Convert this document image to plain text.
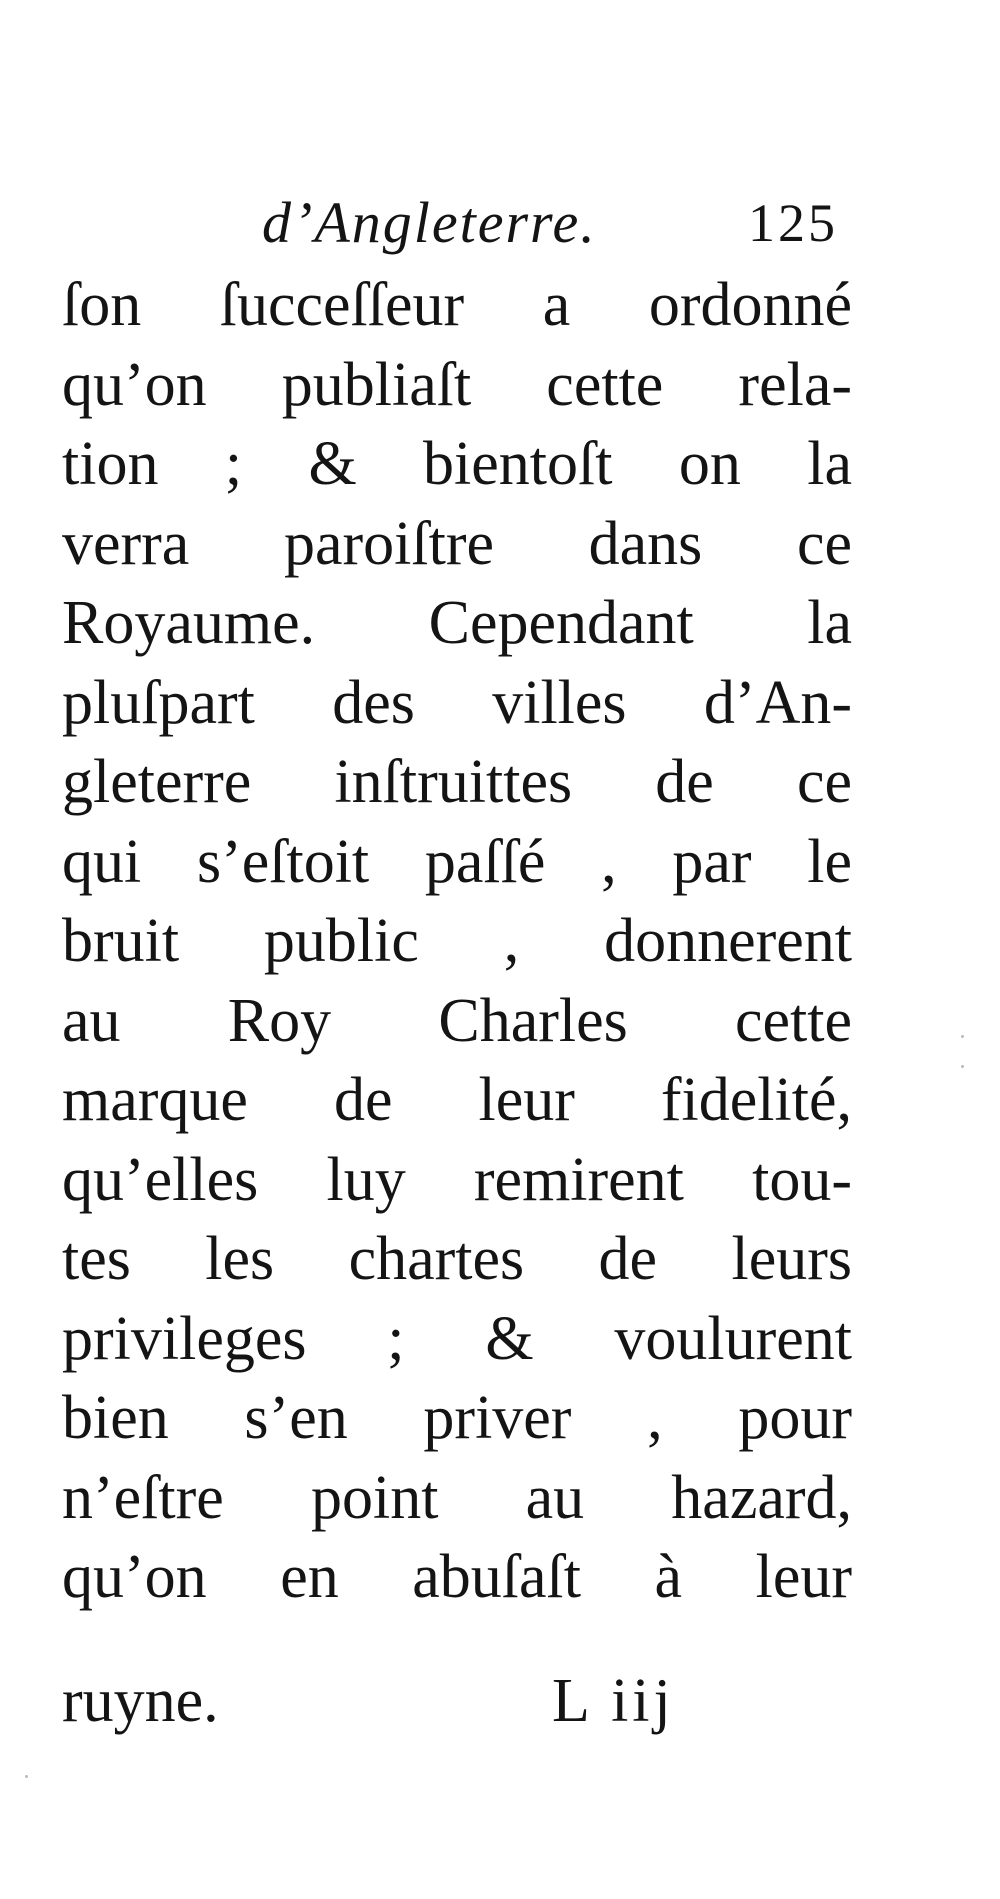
d’Angleterre.	125
ſon ſucceſſeur a ordonné
qu’on publiaſt cette rela-
tion ; & bientoſt on la
verra paroiſtre dans ce
Royaume. Cependant la
pluſpart des villes d’An-
gleterre inſtruittes de ce
qui s’eſtoit paſſé , par le
bruit public , donnerent
au Roy Charles cette
marque de leur fidelité,
qu’elles luy remirent tou-
tes les chartes de leurs
privileges ; & voulurent
bien s’en priver , pour
n’eſtre point au hazard,
qu’on en abuſaſt à leur
ruyne.	L iij
